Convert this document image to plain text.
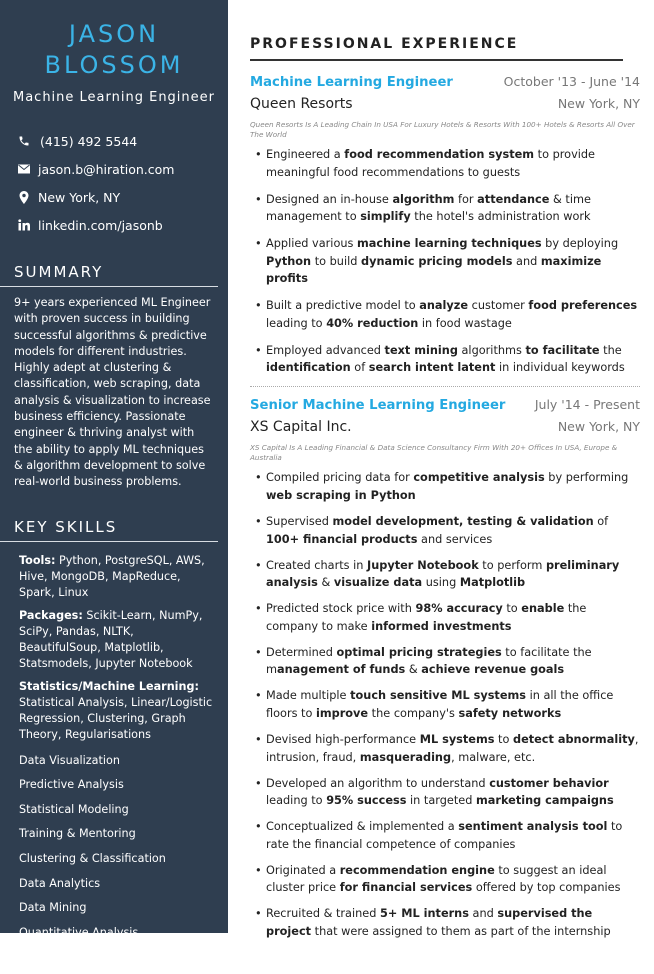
JASON
BLOSSOM
Machine Learning Engineer
(415) 492 5544
jason.b@hiration.com
New York, NY
linkedin.com/jasonb
SUMMARY
9+ years experienced ML Engineer with proven success in building successful algorithms & predictive models for different industries. Highly adept at clustering & classification, web scraping, data analysis & visualization to increase business efficiency. Passionate engineer & thriving analyst with the ability to apply ML techniques & algorithm development to solve real-world business problems.
KEY SKILLS
Tools: Python, PostgreSQL, AWS, Hive, MongoDB, MapReduce, Spark, Linux
Packages: Scikit-Learn, NumPy, SciPy, Pandas, NLTK, BeautifulSoup, Matplotlib, Statsmodels, Jupyter Notebook
Statistics/Machine Learning:
Statistical Analysis, Linear/Logistic Regression, Clustering, Graph Theory, Regularisations
Data Visualization
Predictive Analysis
Statistical Modeling
Training & Mentoring
Clustering & Classification
Data Analytics
Data Mining
Quantitative Analysis
Web Scraping
PROFESSIONAL EXPERIENCE
Machine Learning Engineer	October '13 - June '14
Queen Resorts	New York, NY
Queen Resorts Is A Leading Chain In USA For Luxury Hotels & Resorts With 100+ Hotels & Resorts All Over The World
• Engineered a food recommendation system to provide meaningful food recommendations to guests
• Designed an in-house algorithm for attendance & time management to simplify the hotel's administration work
• Applied various machine learning techniques by deploying Python to build dynamic pricing models and maximize profits
• Built a predictive model to analyze customer food preferences leading to 40% reduction in food wastage
• Employed advanced text mining algorithms to facilitate the identification of search intent latent in individual keywords
Senior Machine Learning Engineer July '14 - Present
XS Capital Inc.	New York, NY
XS Capital Is A Leading Financial & Data Science Consultancy Firm With 20+ Offices In USA, Europe & Australia
• Compiled pricing data for competitive analysis by performing web scraping in Python
• Supervised model development, testing & validation of 100+ financial products and services
• Created charts in Jupyter Notebook to perform preliminary analysis & visualize data using Matplotlib
• Predicted stock price with 98% accuracy to enable the company to make informed investments
• Determined optimal pricing strategies to facilitate the management of funds & achieve revenue goals
• Made multiple touch sensitive ML systems in all the office floors to improve the company's safety networks
• Devised high-performance ML systems to detect abnormality, intrusion, fraud, masquerading, malware, etc.
• Developed an algorithm to understand customer behavior leading to 95% success in targeted marketing campaigns
• Conceptualized & implemented a sentiment analysis tool to rate the financial competence of companies
• Originated a recommendation engine to suggest an ideal cluster price for financial services offered by top companies
• Recruited & trained 5+ ML interns and supervised the project that were assigned to them as part of the internship
